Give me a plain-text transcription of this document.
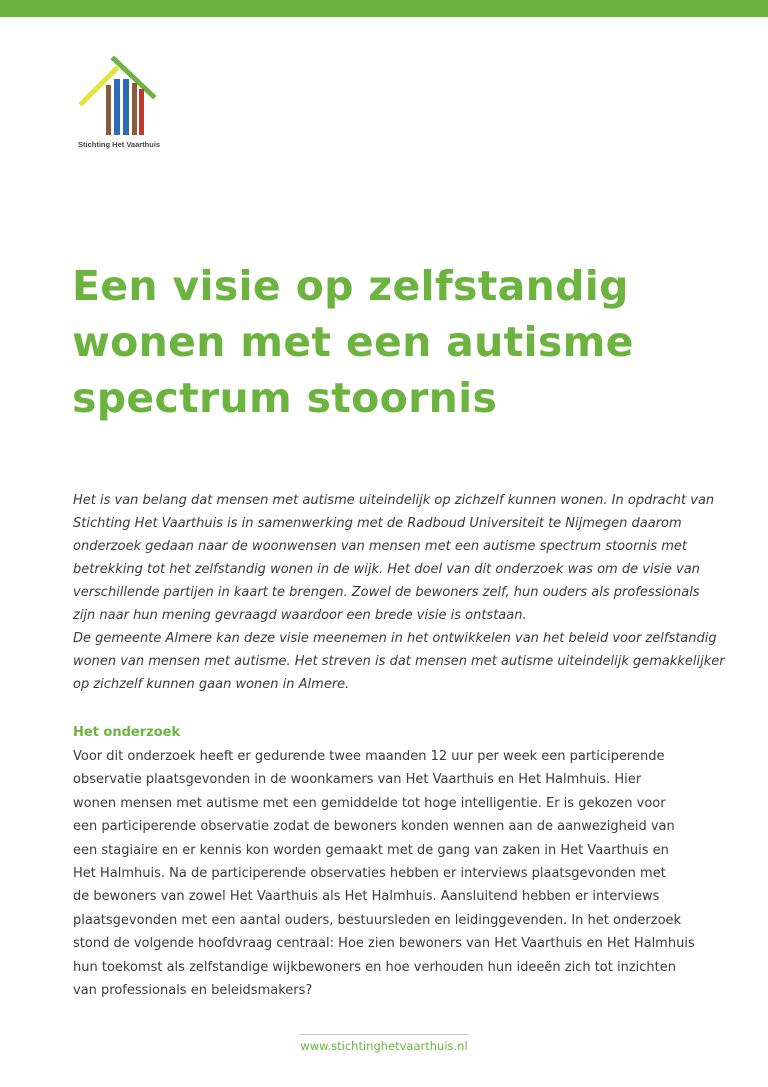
Stichting Het Vaarthuis
Een visie op zelfstandig
wonen met een autisme
spectrum stoornis
Het is van belang dat mensen met autisme uiteindelijk op zichzelf kunnen wonen. In opdracht van
Stichting Het Vaarthuis is in samenwerking met de Radboud Universiteit te Nijmegen daarom
onderzoek gedaan naar de woonwensen van mensen met een autisme spectrum stoornis met
betrekking tot het zelfstandig wonen in de wijk. Het doel van dit onderzoek was om de visie van
verschillende partijen in kaart te brengen. Zowel de bewoners zelf, hun ouders als professionals
zijn naar hun mening gevraagd waardoor een brede visie is ontstaan.
De gemeente Almere kan deze visie meenemen in het ontwikkelen van het beleid voor zelfstandig
wonen van mensen met autisme. Het streven is dat mensen met autisme uiteindelijk gemakkelijker
op zichzelf kunnen gaan wonen in Almere.
Het onderzoek
Voor dit onderzoek heeft er gedurende twee maanden 12 uur per week een participerende
observatie plaatsgevonden in de woonkamers van Het Vaarthuis en Het Halmhuis. Hier
wonen mensen met autisme met een gemiddelde tot hoge intelligentie. Er is gekozen voor
een participerende observatie zodat de bewoners konden wennen aan de aanwezigheid van
een stagiaire en er kennis kon worden gemaakt met de gang van zaken in Het Vaarthuis en
Het Halmhuis. Na de participerende observaties hebben er interviews plaatsgevonden met
de bewoners van zowel Het Vaarthuis als Het Halmhuis. Aansluitend hebben er interviews
plaatsgevonden met een aantal ouders, bestuursleden en leidinggevenden. In het onderzoek
stond de volgende hoofdvraag centraal: Hoe zien bewoners van Het Vaarthuis en Het Halmhuis
hun toekomst als zelfstandige wijkbewoners en hoe verhouden hun ideeën zich tot inzichten
van professionals en beleidsmakers?
www.stichtinghetvaarthuis.nl
